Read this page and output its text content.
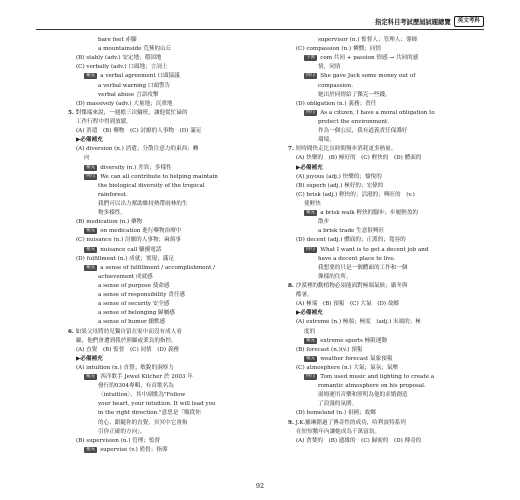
指定科目考試歷屆試題總覽	英文考科
bare feet 赤腳
a mountainside 荒蕪的山丘
(B) stably (adv.) 安定地；穩固地
(C) verbally (adv.) 口頭地；言詞上
補充 a verbal agreement 口頭協議
a verbal warning 口頭警告
verbal abuse 言語攻擊
(D) massively (adv.) 大量地；沉重地
5. 對傑瑞來說，一週擔三次輪班，讓他從忙碌的
工作行程中得到放鬆。
(A) 消遣　(B) 藥物　(C) 討厭的人事物　(D) 滿足
▶必備補充
(A) diversion (n.) 消遣；分散注意力的東西；轉
向
補充 diversity (n.) 差異；多樣性
例句 We can all contribute to helping maintain
the biological diversity of the tropical
rainforest.
我們可以出力幫助維持熱帶雨林的生
物多樣性。
(B) medication (n.) 藥物
補充 on medication 進行藥物治療中
(C) nuisance (n.) 討厭的人事物；麻煩事
補充 nuisance call 騷擾電話
(D) fulfillment (n.) 成就；實現；滿足
補充 a sense of fulfillment / accomplishment /
achievement 成就感
a sense of purpose 使命感
a sense of responsibility 責任感
a sense of security 安全感
a sense of belonging 歸屬感
a sense of humor 幽默感
6. 如果父母將幼兒獨自留在家中而沒有成人看
顧，他們會遭到我於照顧或業負的指控。
(A) 直覺　(B) 監督　(C) 同情　(D) 義務
▶必備補充
(A) intuition (n.) 直覺；敏銳的洞察力
補充 西洋歌手 Jewel Kilcher 於 2003 年
發行的0304專輯，有首歌名為
〈intuition〉，其中副歌為"Follow
your heart, your intuition. It will lead you
in the right direction."意思是「順從你
的心、跟隨你的直覺，冥冥中它會指
引你正確的方向」。
(B) supervision (n.) 管理；監督
補充 supervise (v.) 監督；指導
supervisor (n.) 監督人；管理人；導師
(C) compassion (n.) 憐憫；同情
字源 com 共同 + passion 情感 → 共同的感
情，同情
例句 She gave Jack some money out of
compassion.
她出於同情給了傑克一些錢。
(D) obligation (n.) 義務；責任
例句 As a citizen, I have a moral obligation to
protect the environment.
作為一個公民，我有道義責任保護好
環境。
7. 短時間快走比長時間慢步消耗更多熱量。
(A) 快樂的　(B) 極好的　(C) 輕快的　(D) 體面的
▶必備補充
(A) joyous (adj.) 快樂的；愉悅的
(B) superb (adj.) 極好的；宏偉的
(C) brisk (adj.) 輕快的；活潑的；興旺的　(v.)
使輕快
補充 a brisk walk 輕快的腳步；步履輕盈的
散步
a brisk trade 生意很興旺
(D) decent (adj.) 體面的；正派的；寬容的
例句 What I want is to get a decent job and
have a decent place to live.
我想要的只是一個體面的工作和一個
像樣的住所。
8. 沙漠裡的動植物必須能面對極端氣候；嚴冬與
酷暑。
(A) 極端　(B) 預報　(C) 大氣　(D) 故鄉
▶必備補充
(A) extreme (n.) 極端；極度　(adj.) 末端的；極
度的
補充 extreme sports 極限運動
(B) forecast (n.)(v.) 預報
補充 weather forecast 氣象預報
(C) atmosphere (n.) 大氣；氣氛；氣壓
例句 Tom used music and lighting to create a
romantic atmosphere on his proposal.
湯姆運用音樂和照明為他的求婚創造
了浪漫的氛圍。
(D) homeland (n.) 祖國；故鄉
9. J.K.羅琳錯過了傳奇性的成功，哈利波特系列
在短短數年內讓她成為千萬富翁。
(A) 貪婪的　(B) 遺緣的　(C) 歸密的　(D) 傳奇的
92
